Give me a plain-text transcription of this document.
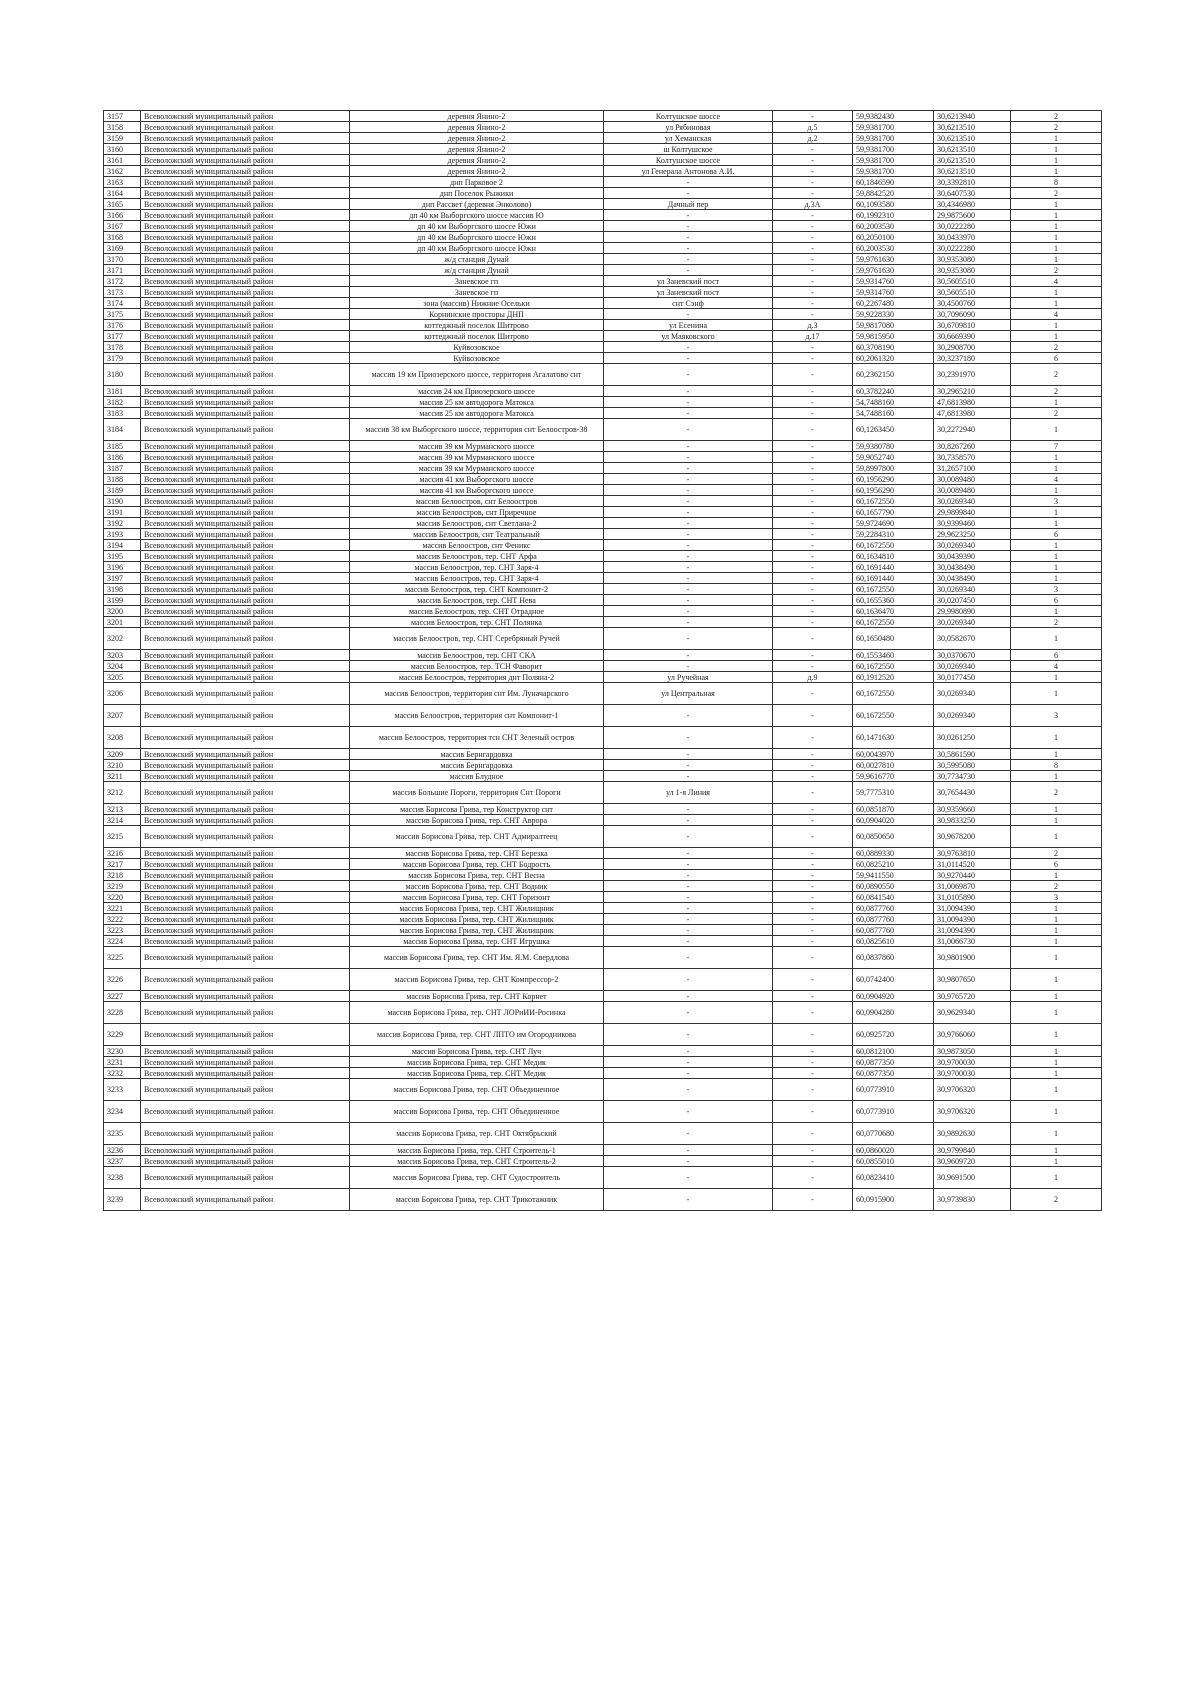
3157	Всеволожский муниципальный район	деревня Янино-2	Колтушское шоссе	-	59,9382430	30,6213940	2
3158	Всеволожский муниципальный район	деревня Янино-2	ул Рябиновая	д.5	59,9381700	30,6213510	2
3159	Всеволожский муниципальный район	деревня Янино-2	ул Хеманская	д.2	59,9381700	30,6213510	1
3160	Всеволожский муниципальный район	деревня Янино-2	ш Колтушское	-	59,9381700	30,6213510	1
3161	Всеволожский муниципальный район	деревня Янино-2	Колтушское шоссе	-	59,9381700	30,6213510	1
3162	Всеволожский муниципальный район	деревня Янино-2	ул Генерала Антонова А.И.	-	59,9381700	30,6213510	1
3163	Всеволожский муниципальный район	днп Парковое 2	-	-	60,1846590	30,3392810	8
3164	Всеволожский муниципальный район	днп Поселок Рыжики	-	-	59,8842520	30,6407530	2
3165	Всеволожский муниципальный район	днп Рассвет (деревня Энколово)	Дачный пер	д.3А	60,1093580	30,4346980	1
3166	Всеволожский муниципальный район	дп 40 км Выборгского шоссе массив Ю	-	-	60,1992310	29,9875600	1
3167	Всеволожский муниципальный район	дп 40 км Выборгского шоссе Южн	-	-	60,2003530	30,0222280	1
3168	Всеволожский муниципальный район	дп 40 км Выборгского шоссе Южн	-	-	60,2050100	30,0433970	1
3169	Всеволожский муниципальный район	дп 40 км Выборгского шоссе Южн	-	-	60,2003530	30,0222280	1
3170	Всеволожский муниципальный район	ж/д станция Дунай	-	-	59,9761630	30,9353080	1
3171	Всеволожский муниципальный район	ж/д станция Дунай	-	-	59,9761630	30,9353080	2
3172	Всеволожский муниципальный район	Заневское гп	ул Заневский пост	-	59,9314760	30,5605510	4
3173	Всеволожский муниципальный район	Заневское гп	ул Заневский пост	-	59,9314760	30,5605510	1
3174	Всеволожский муниципальный район	зона (массив) Нижние Осельки	снт Сэнф	-	60,2267480	30,4500760	1
3175	Всеволожский муниципальный район	Корнинские просторы ДНП	-	-	59,9228330	30,7096090	4
3176	Всеволожский муниципальный район	коттеджный поселок Шитрово	ул Есенина	д.3	59,9817080	30,6709810	1
3177	Всеволожский муниципальный район	коттеджный поселок Шитрово	ул Маяковского	д.17	59,9815950	30,6669390	1
3178	Всеволожский муниципальный район	Куйвозовское	-	-	60,3708190	30,2908700	2
3179	Всеволожский муниципальный район	Куйвозовское	-	-	60,2061320	30,3237180	6
3180	Всеволожский муниципальный район	массив 19 км Приозерского шоссе, территория Агалатово снт	-	-	60,2362150	30,2391970	2
3181	Всеволожский муниципальный район	массив 24 км Приозерского шоссе	-	-	60,3782240	30,2965210	2
3182	Всеволожский муниципальный район	массив 25 км автодорога Матокса	-	-	54,7488160	47,6813980	1
3183	Всеволожский муниципальный район	массив 25 км автодорога Матокса	-	-	54,7488160	47,6813980	2
3184	Всеволожский муниципальный район	массив 38 км Выборгского шоссе, территория снт Белоостров-38	-	-	60,1263450	30,2272940	1
3185	Всеволожский муниципальный район	массив 39 км Мурманского шоссе	-	-	59,9380780	30,8267260	7
3186	Всеволожский муниципальный район	массив 39 км Мурманского шоссе	-	-	59,9052740	30,7358570	1
3187	Всеволожский муниципальный район	массив 39 км Мурманского шоссе	-	-	59,8997800	31,2657100	1
3188	Всеволожский муниципальный район	массив 41 км Выборгского шоссе	-	-	60,1956290	30,0089480	4
3189	Всеволожский муниципальный район	массив 41 км Выборгского шоссе	-	-	60,1956290	30,0089480	1
3190	Всеволожский муниципальный район	массив Белоостров, снт Белоостров	-	-	60,1672550	30,0269340	3
3191	Всеволожский муниципальный район	массив Белоостров, снт Приречное	-	-	60,1657790	29,9899840	1
3192	Всеволожский муниципальный район	массив Белоостров, снт Светлана-2	-	-	59,9724690	30,9399460	1
3193	Всеволожский муниципальный район	массив Белоостров, снт Театральный	-	-	59,2284310	29,9623250	6
3194	Всеволожский муниципальный район	массив Белоостров, снт Феникс	-	-	60,1672550	30,0269340	1
3195	Всеволожский муниципальный район	массив Белоостров, тер. СНТ Арфа	-	-	60,1634810	30,0439390	1
3196	Всеволожский муниципальный район	массив Белоостров, тер. СНТ Заря-4	-	-	60,1691440	30,0438490	1
3197	Всеволожский муниципальный район	массив Белоостров, тер. СНТ Заря-4	-	-	60,1691440	30,0438490	1
3198	Всеволожский муниципальный район	массив Белоостров, тер. СНТ Компонит-2	-	-	60,1672550	30,0269340	3
3199	Всеволожский муниципальный район	массив Белоостров, тер. СНТ Нева	-	-	60,1655360	30,0207450	6
3200	Всеволожский муниципальный район	массив Белоостров, тер. СНТ Отрадное	-	-	60,1636470	29,9980890	1
3201	Всеволожский муниципальный район	массив Белоостров, тер. СНТ Полянка	-	-	60,1672550	30,0269340	2
3202	Всеволожский муниципальный район	массив Белоостров, тер. СНТ Серебряный Ручей	-	-	60,1650480	30,0582670	1
3203	Всеволожский муниципальный район	массив Белоостров, тер. СНТ СКА	-	-	60,1553460	30,0370670	6
3204	Всеволожский муниципальный район	массив Белоостров, тер. ТСН Фаворит	-	-	60,1672550	30,0269340	4
3205	Всеволожский муниципальный район	массив Белоостров, территория днт Поляна-2	ул Ручейная	д.9	60,1912520	30,0177450	1
3206	Всеволожский муниципальный район	массив Белоостров, территория снт Им. Луначарского	ул Центральная	-	60,1672550	30,0269340	1
3207	Всеволожский муниципальный район	массив Белоостров, территория снт Компонит-1	-	-	60,1672550	30,0269340	3
3208	Всеволожский муниципальный район	массив Белоостров, территория тсн СНТ Зеленый остров	-	-	60,1471630	30,0261250	1
3209	Всеволожский муниципальный район	массив Бернгардовка	-	-	60,0043970	30,5861590	1
3210	Всеволожский муниципальный район	массив Бернгардовка	-	-	60,0027810	30,5995080	8
3211	Всеволожский муниципальный район	массив Блудное	-	-	59,9616770	30,7734730	1
3212	Всеволожский муниципальный район	массив Большие Пороги, территория Снт Пороги	ул 1-я Линия	-	59,7775310	30,7654430	2
3213	Всеволожский муниципальный район	массив Борисова Грива, тер Конструктор снт	-	-	60,0851870	30,9359660	1
3214	Всеволожский муниципальный район	массив Борисова Грива, тер. СНТ Аврора	-	-	60,0904020	30,9833250	1
3215	Всеволожский муниципальный район	массив Борисова Грива, тер. СНТ Адмиралтеец	-	-	60,0850650	30,9678200	1
3216	Всеволожский муниципальный район	массив Борисова Грива, тер. СНТ Березка	-	-	60,0889330	30,9763810	2
3217	Всеволожский муниципальный район	массив Борисова Грива, тер. СНТ Бодрость	-	-	60,0825210	31,0114520	6
3218	Всеволожский муниципальный район	массив Борисова Грива, тер. СНТ Весна	-	-	59,9411550	30,9270440	1
3219	Всеволожский муниципальный район	массив Борисова Грива, тер. СНТ Водник	-	-	60,0890550	31,0069870	2
3220	Всеволожский муниципальный район	массив Борисова Грива, тер. СНТ Горизонт	-	-	60,0841540	31,0105890	3
3221	Всеволожский муниципальный район	массив Борисова Грива, тер. СНТ Жилищник	-	-	60,0877760	31,0094390	1
3222	Всеволожский муниципальный район	массив Борисова Грива, тер. СНТ Жилищник	-	-	60,0877760	31,0094390	1
3223	Всеволожский муниципальный район	массив Борисова Грива, тер. СНТ Жилищник	-	-	60,0877760	31,0094390	1
3224	Всеволожский муниципальный район	массив Борисова Грива, тер. СНТ Игрушка	-	-	60,0825610	31,0066730	1
3225	Всеволожский муниципальный район	массив Борисова Грива, тер. СНТ Им. Я.М. Свердлова	-	-	60,0837860	30,9801900	1
3226	Всеволожский муниципальный район	массив Борисова Грива, тер. СНТ Компрессор-2	-	-	60,0742400	30,9807650	1
3227	Всеволожский муниципальный район	массив Борисова Грива, тер. СНТ Корнет	-	-	60,0904920	30,9765720	1
3228	Всеволожский муниципальный район	массив Борисова Грива, тер. СНТ ЛОРиИИ-Росинка	-	-	60,0904280	30,9629340	1
3229	Всеволожский муниципальный район	массив Борисова Грива, тер. СНТ ЛПТО им Огородникова	-	-	60,0925720	30,9766060	1
3230	Всеволожский муниципальный район	массив Борисова Грива, тер. СНТ Луч	-	-	60,0812100	30,9873050	1
3231	Всеволожский муниципальный район	массив Борисова Грива, тер. СНТ Медик	-	-	60,0877350	30,9700030	1
3232	Всеволожский муниципальный район	массив Борисова Грива, тер. СНТ Медик	-	-	60,0877350	30,9700030	1
3233	Всеволожский муниципальный район	массив Борисова Грива, тер. СНТ Объединенное	-	-	60,0773910	30,9706320	1
3234	Всеволожский муниципальный район	массив Борисова Грива, тер. СНТ Объединенное	-	-	60,0773910	30,9706320	1
3235	Всеволожский муниципальный район	массив Борисова Грива, тер. СНТ Октябрьский	-	-	60,0770680	30,9892630	1
3236	Всеволожский муниципальный район	массив Борисова Грива, тер. СНТ Строитель-1	-	-	60,0860020	30,9799840	1
3237	Всеволожский муниципальный район	массив Борисова Грива, тер. СНТ Строитель-2	-	-	60,0855010	30,9609720	1
3238	Всеволожский муниципальный район	массив Борисова Грива, тер. СНТ Судостроитель	-	-	60,0823410	30,9691500	1
3239	Всеволожский муниципальный район	массив Борисова Грива, тер. СНТ Трикотажник	-	-	60,0915900	30,9739830	2
